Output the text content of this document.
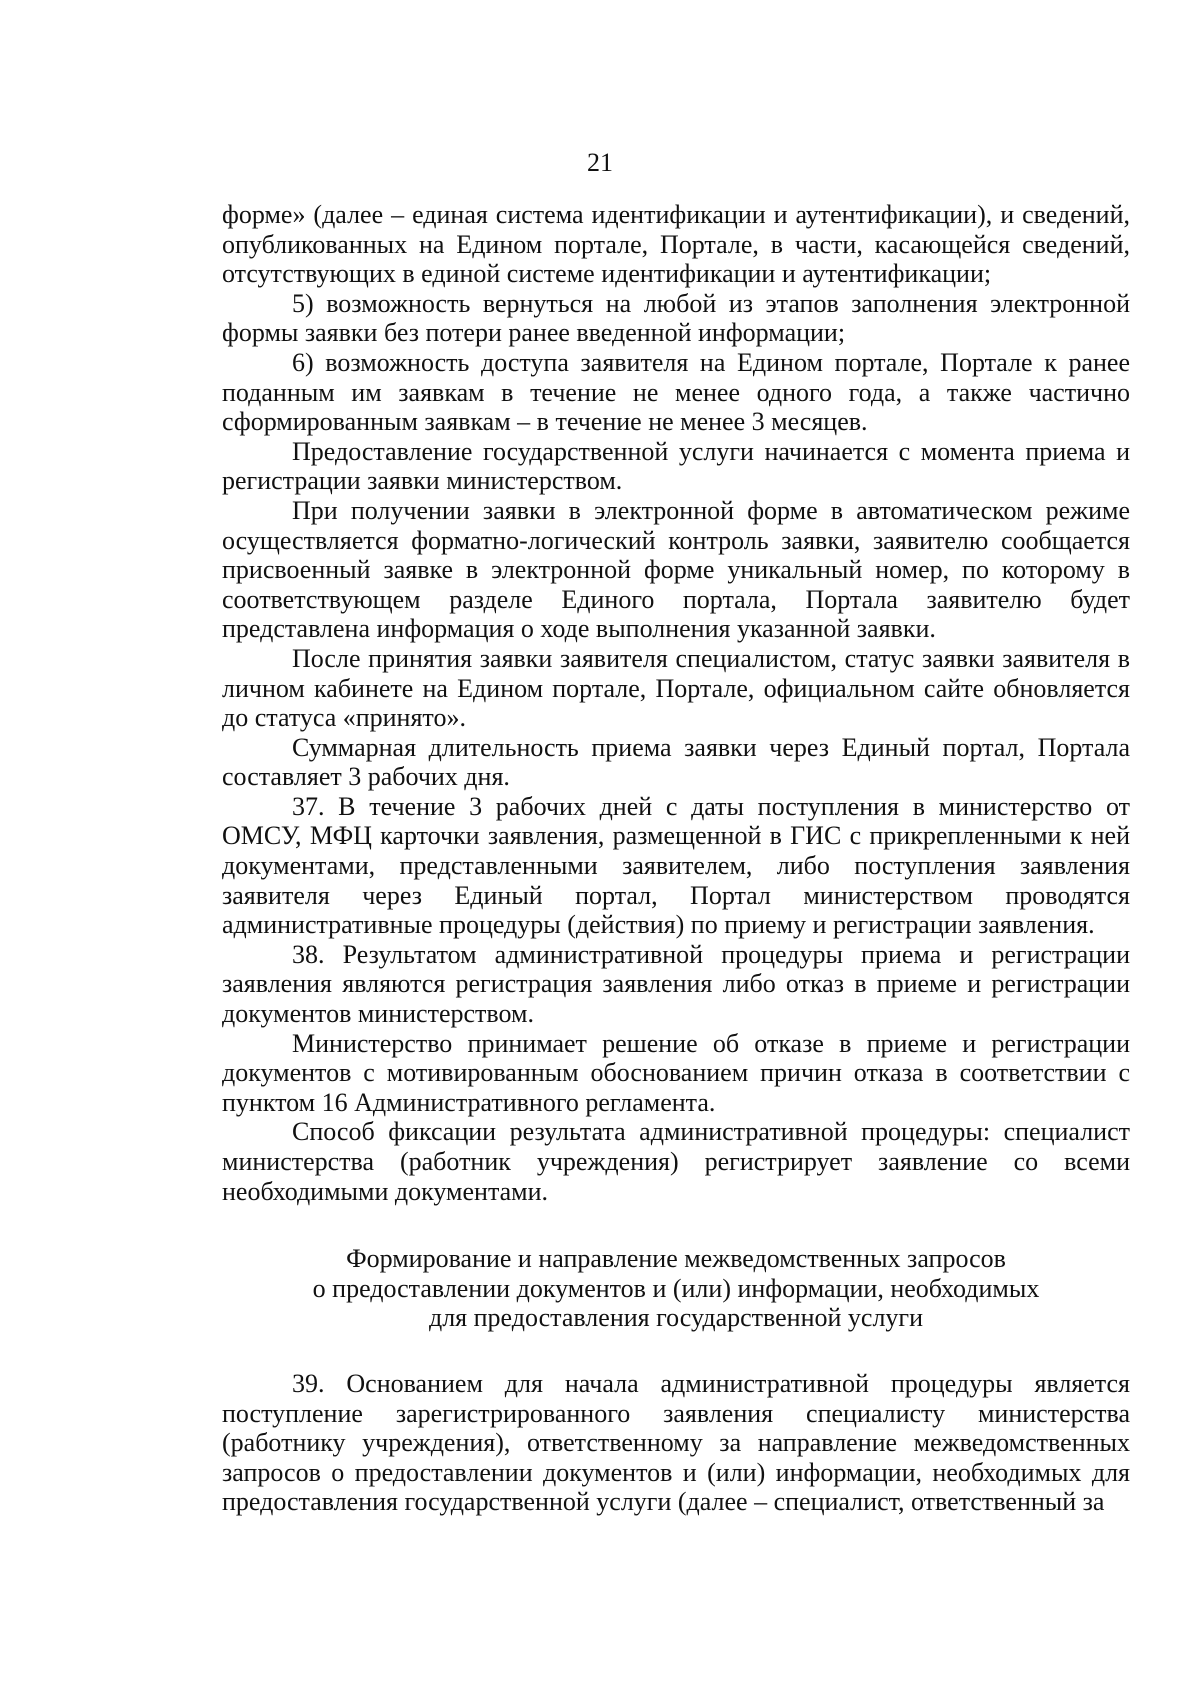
21

форме» (далее – единая система идентификации и аутентификации), и сведений, опубликованных на Едином портале, Портале, в части, касающейся сведений, отсутствующих в единой системе идентификации и аутентификации;

5) возможность вернуться на любой из этапов заполнения электронной формы заявки без потери ранее введенной информации;

6) возможность доступа заявителя на Едином портале, Портале к ранее поданным им заявкам в течение не менее одного года, а также частично сформированным заявкам – в течение не менее 3 месяцев.

Предоставление государственной услуги начинается с момента приема и регистрации заявки министерством.

При получении заявки в электронной форме в автоматическом режиме осуществляется форматно-логический контроль заявки, заявителю сообщается присвоенный заявке в электронной форме уникальный номер, по которому в соответствующем разделе Единого портала, Портала заявителю будет представлена информация о ходе выполнения указанной заявки.

После принятия заявки заявителя специалистом, статус заявки заявителя в личном кабинете на Едином портале, Портале, официальном сайте обновляется до статуса «принято».

Суммарная длительность приема заявки через Единый портал, Портала составляет 3 рабочих дня.

37. В течение 3 рабочих дней с даты поступления в министерство от ОМСУ, МФЦ карточки заявления, размещенной в ГИС с прикрепленными к ней документами, представленными заявителем, либо поступления заявления заявителя через Единый портал, Портал министерством проводятся административные процедуры (действия) по приему и регистрации заявления.

38. Результатом административной процедуры приема и регистрации заявления являются регистрация заявления либо отказ в приеме и регистрации документов министерством.

Министерство принимает решение об отказе в приеме и регистрации документов с мотивированным обоснованием причин отказа в соответствии с пунктом 16 Административного регламента.

Способ фиксации результата административной процедуры: специалист министерства (работник учреждения) регистрирует заявление со всеми необходимыми документами.

Формирование и направление межведомственных запросов
о предоставлении документов и (или) информации, необходимых
для предоставления государственной услуги

39. Основанием для начала административной процедуры является поступление зарегистрированного заявления специалисту министерства (работнику учреждения), ответственному за направление межведомственных запросов о предоставлении документов и (или) информации, необходимых для предоставления государственной услуги (далее – специалист, ответственный за
